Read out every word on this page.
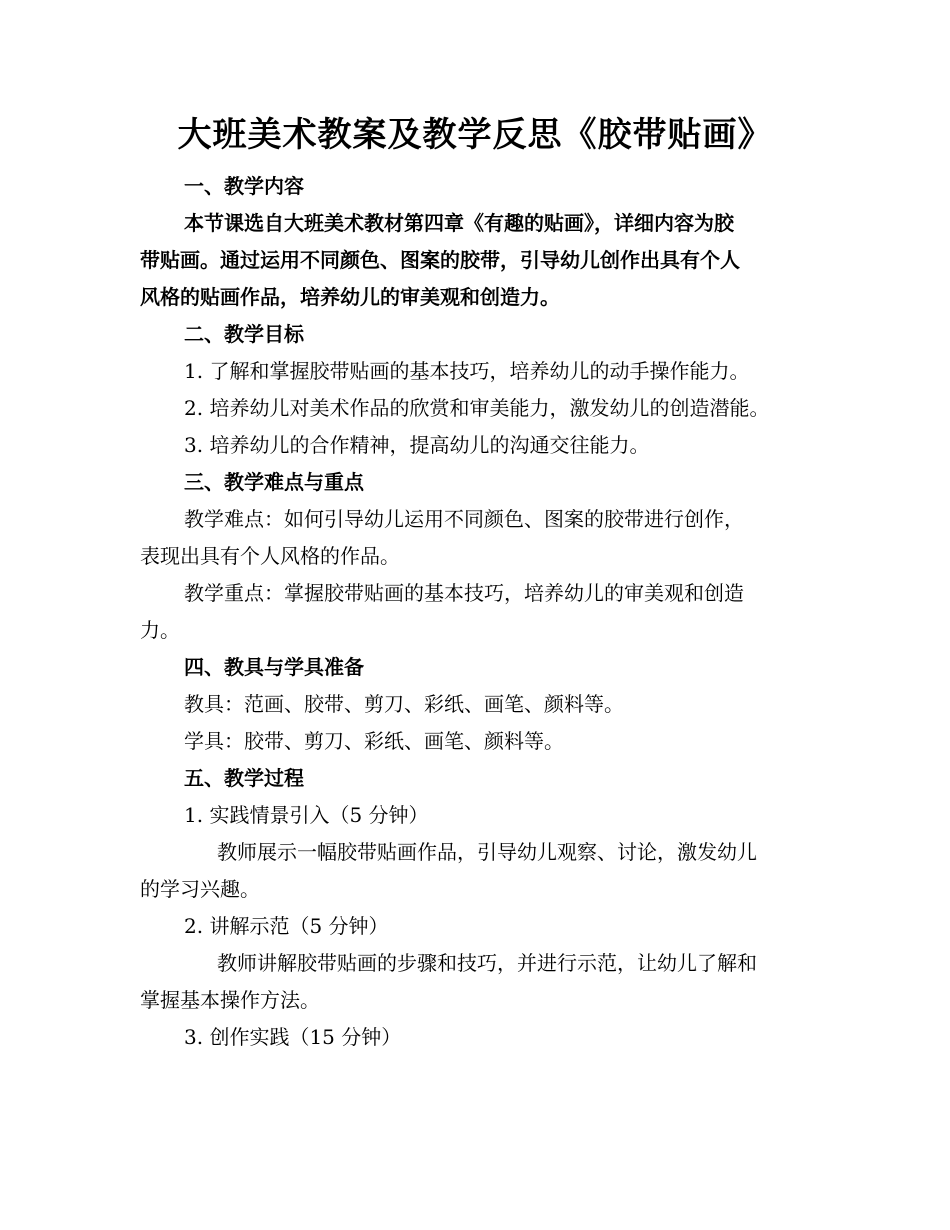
大班美术教案及教学反思《胶带贴画》

一、教学内容

本节课选自大班美术教材第四章《有趣的贴画》，详细内容为胶

带贴画。通过运用不同颜色、图案的胶带，引导幼儿创作出具有个人

风格的贴画作品，培养幼儿的审美观和创造力。

二、教学目标

1. 了解和掌握胶带贴画的基本技巧，培养幼儿的动手操作能力。

2. 培养幼儿对美术作品的欣赏和审美能力，激发幼儿的创造潜能。

3. 培养幼儿的合作精神，提高幼儿的沟通交往能力。

三、教学难点与重点

教学难点：如何引导幼儿运用不同颜色、图案的胶带进行创作，

表现出具有个人风格的作品。

教学重点：掌握胶带贴画的基本技巧，培养幼儿的审美观和创造

力。

四、教具与学具准备

教具：范画、胶带、剪刀、彩纸、画笔、颜料等。

学具：胶带、剪刀、彩纸、画笔、颜料等。

五、教学过程

1. 实践情景引入（5 分钟）

教师展示一幅胶带贴画作品，引导幼儿观察、讨论，激发幼儿

的学习兴趣。

2. 讲解示范（5 分钟）

教师讲解胶带贴画的步骤和技巧，并进行示范，让幼儿了解和

掌握基本操作方法。

3. 创作实践（15 分钟）
